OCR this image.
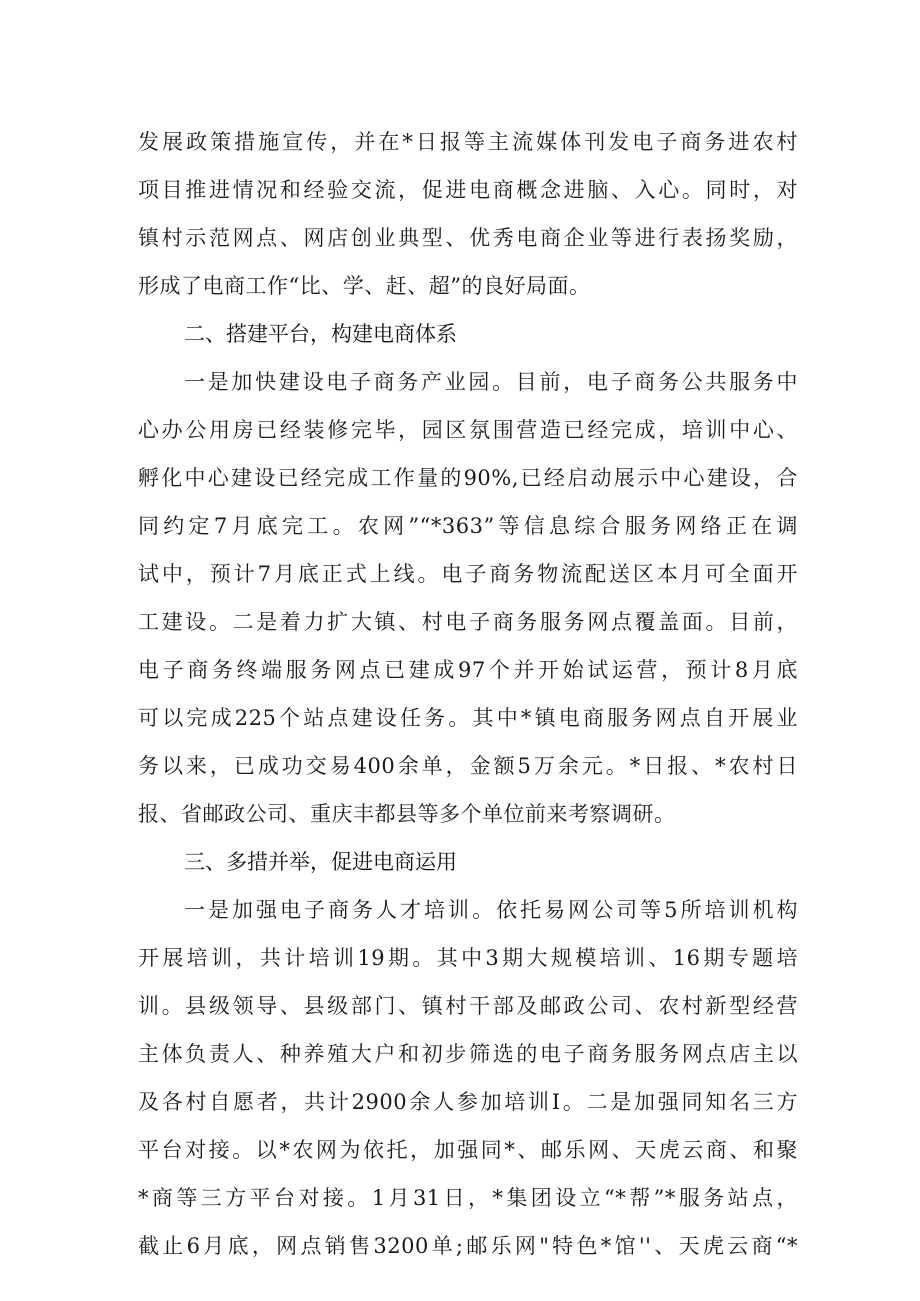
发展政策措施宣传，并在*日报等主流媒体刊发电子商务进农村
项目推进情况和经验交流，促进电商概念进脑、入心。同时，对
镇村示范网点、网店创业典型、优秀电商企业等进行表扬奖励，
形成了电商工作“比、学、赶、超”的良好局面。
二、搭建平台，构建电商体系
一是加快建设电子商务产业园。目前，电子商务公共服务中
心办公用房已经装修完毕，园区氛围营造已经完成，培训中心、
孵化中心建设已经完成工作量的90%,已经启动展示中心建设，合
同约定7月底完工。农网”“*363”等信息综合服务网络正在调
试中，预计7月底正式上线。电子商务物流配送区本月可全面开
工建设。二是着力扩大镇、村电子商务服务网点覆盖面。目前，
电子商务终端服务网点已建成97个并开始试运营，预计8月底
可以完成225个站点建设任务。其中*镇电商服务网点自开展业
务以来，已成功交易400余单，金额5万余元。*日报、*农村日
报、省邮政公司、重庆丰都县等多个单位前来考察调研。
三、多措并举，促进电商运用
一是加强电子商务人才培训。依托易网公司等5所培训机构
开展培训，共计培训19期。其中3期大规模培训、16期专题培
训。县级领导、县级部门、镇村干部及邮政公司、农村新型经营
主体负责人、种养殖大户和初步筛选的电子商务服务网点店主以
及各村自愿者，共计2900余人参加培训I。二是加强同知名三方
平台对接。以*农网为依托，加强同*、邮乐网、天虎云商、和聚
*商等三方平台对接。1月31日，*集团设立“*帮”*服务站点，
截止6月底，网点销售3200单;邮乐网"特色*馆''、天虎云商“*
